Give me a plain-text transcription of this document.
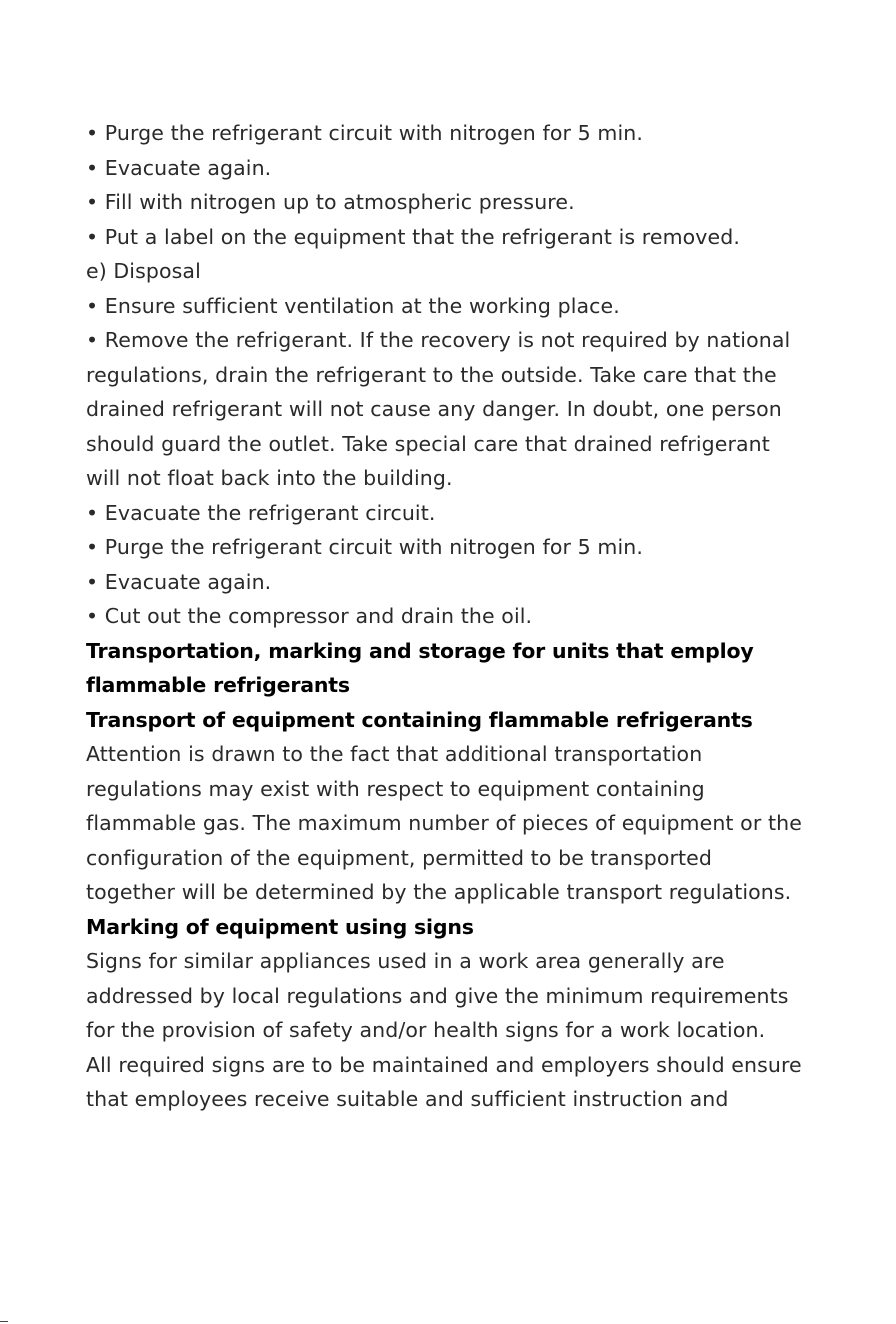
• Purge the refrigerant circuit with nitrogen for 5 min.

• Evacuate again.

• Fill with nitrogen up to atmospheric pressure.

• Put a label on the equipment that the refrigerant is removed.

e) Disposal

• Ensure sufficient ventilation at the working place.

• Remove the refrigerant. If the recovery is not required by national

regulations, drain the refrigerant to the outside. Take care that the

drained refrigerant will not cause any danger. In doubt, one person

should guard the outlet. Take special care that drained refrigerant

will not float back into the building.

• Evacuate the refrigerant circuit.

• Purge the refrigerant circuit with nitrogen for 5 min.

• Evacuate again.

• Cut out the compressor and drain the oil.

Transportation, marking and storage for units that employ

flammable refrigerants

Transport of equipment containing flammable refrigerants

Attention is drawn to the fact that additional transportation

regulations may exist with respect to equipment containing

flammable gas. The maximum number of pieces of equipment or the

configuration of the equipment, permitted to be transported

together will be determined by the applicable transport regulations.

Marking of equipment using signs

Signs for similar appliances used in a work area generally are

addressed by local regulations and give the minimum requirements

for the provision of safety and/or health signs for a work location.

All required signs are to be maintained and employers should ensure

that employees receive suitable and sufficient instruction and
